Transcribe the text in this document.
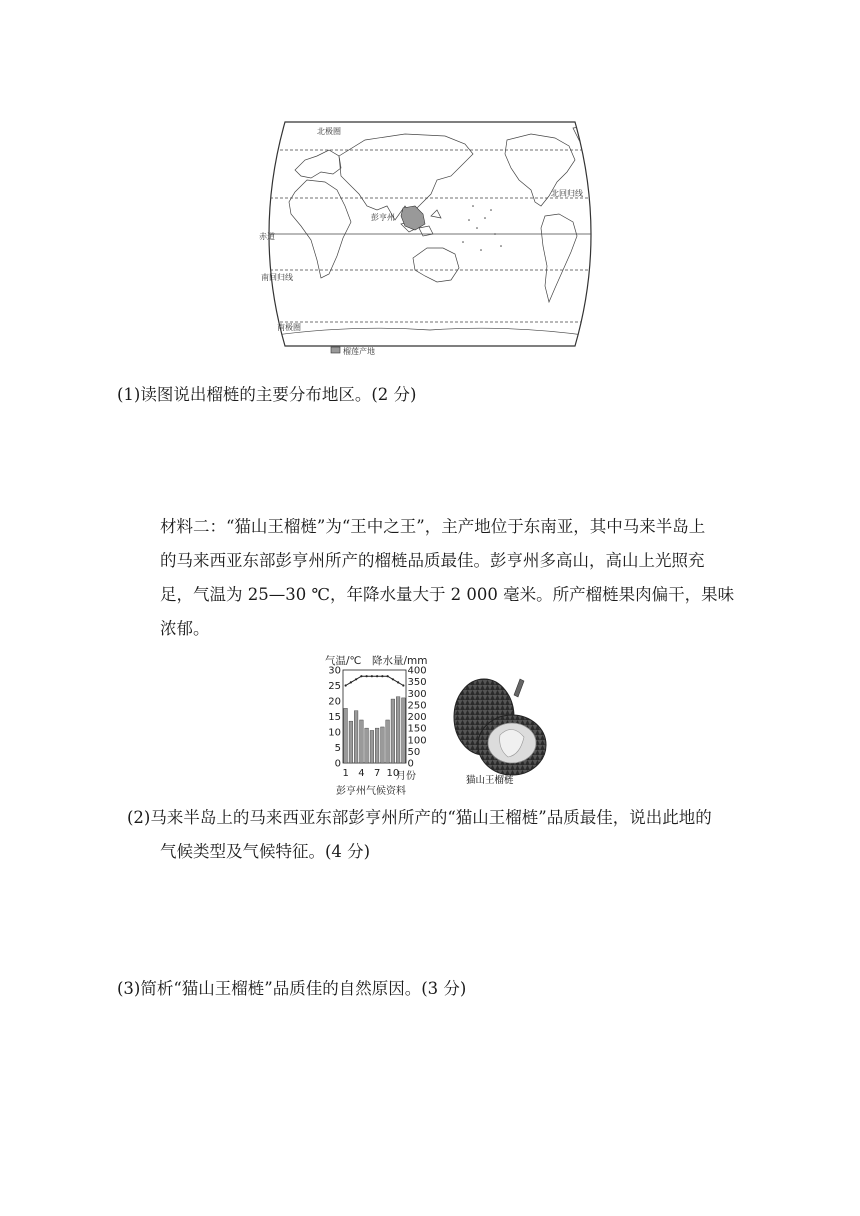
北极圈
北回归线
赤道
南回归线
南极圈
彭亨州
榴莲产地
(1)读图说出榴梿的主要分布地区。(2 分)
材料二：“猫山王榴梿”为“王中之王”，主产地位于东南亚，其中马来半岛上
的马来西亚东部彭亨州所产的榴梿品质最佳。彭亨州多高山，高山上光照充
足，气温为 25—30 ℃，年降水量大于 2 000 毫米。所产榴梿果肉偏干，果味
浓郁。
气温/℃ 降水量/mm
0
5
10
15
20
25
30
0
50
100
150
200
250
300
350
400
1 4 7 10
月份
彭亨州气候资料
猫山王榴梿
(2)马来半岛上的马来西亚东部彭亨州所产的“猫山王榴梿”品质最佳，说出此地的
气候类型及气候特征。(4 分)
(3)简析“猫山王榴梿”品质佳的自然原因。(3 分)
